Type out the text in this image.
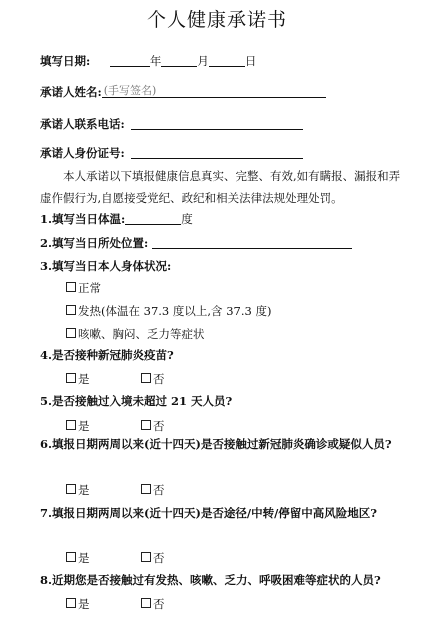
个人健康承诺书
填写日期:	年	月	日
承诺人姓名: (手写签名)
承诺人联系电话:
承诺人身份证号:
本人承诺以下填报健康信息真实、完整、有效,如有瞒报、漏报和弄虚作假行为,自愿接受党纪、政纪和相关法律法规处理处罚。
1.填写当日体温:	度
2.填写当日所处位置:
3.填写当日本人身体状况:
正常
发热(体温在 37.3 度以上,含 37.3 度)
咳嗽、胸闷、乏力等症状
4.是否接种新冠肺炎疫苗?
是	否
5.是否接触过入境未超过 21 天人员?
是	否
6.填报日期两周以来(近十四天)是否接触过新冠肺炎确诊或疑似人员?
是	否
7.填报日期两周以来(近十四天)是否途径/中转/停留中高风险地区?
是	否
8.近期您是否接触过有发热、咳嗽、乏力、呼吸困难等症状的人员?
是	否
